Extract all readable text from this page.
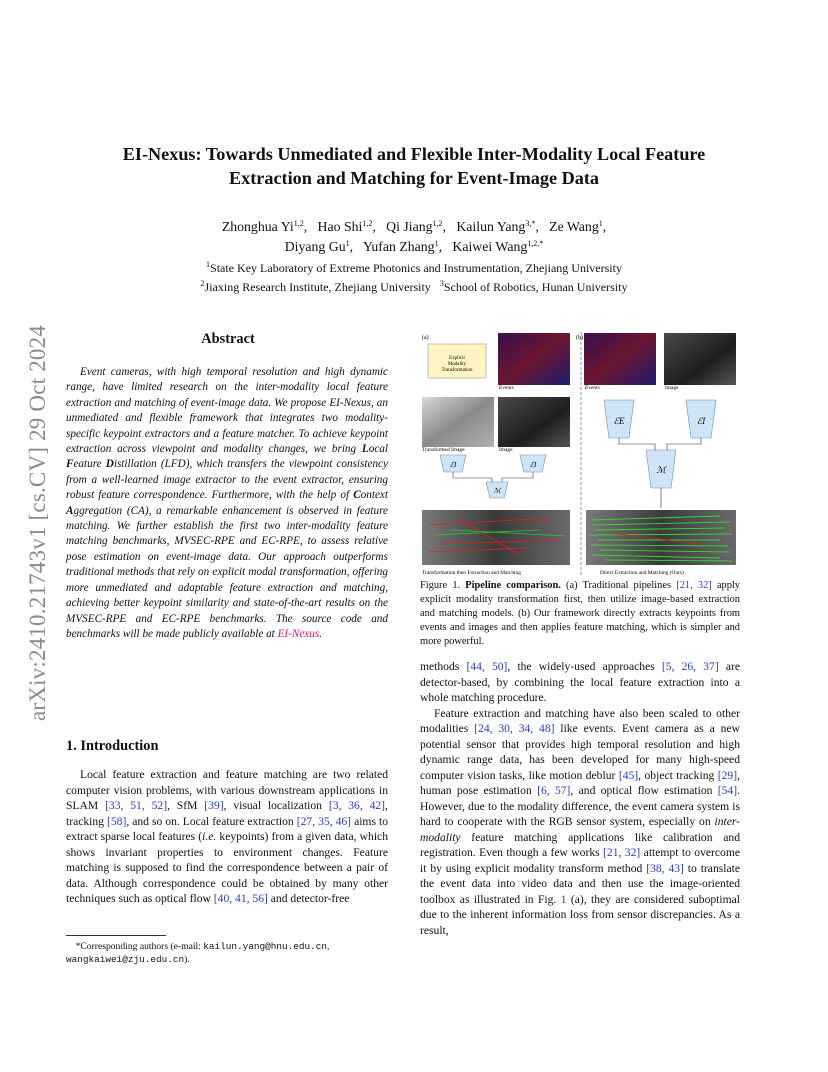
arXiv:2410.21743v1 [cs.CV] 29 Oct 2024
EI-Nexus: Towards Unmediated and Flexible Inter-Modality Local Feature
Extraction and Matching for Event-Image Data
Zhonghua Yi$^{1,2}$,   Hao Shi$^{1,2}$,   Qi Jiang$^{1,2}$,   Kailun Yang$^{3,*}$,   Ze Wang$^1$,
Diyang Gu$^1$,   Yufan Zhang$^1$,   Kaiwei Wang$^{1,2,*}$
$^1$State Key Laboratory of Extreme Photonics and Instrumentation, Zhejiang University
$^2$Jiaxing Research Institute, Zhejiang University $^3$School of Robotics, Hunan University
Abstract

Event cameras, with high temporal resolution and high dynamic range, have limited research on the inter-modality local feature extraction and matching of event-image data. We propose EI-Nexus, an unmediated and flexible framework that integrates two modality-specific keypoint extractors and a feature matcher. To achieve keypoint extraction across viewpoint and modality changes, we bring Local Feature Distillation (LFD), which transfers the viewpoint consistency from a well-learned image extractor to the event extractor, ensuring robust feature correspondence. Furthermore, with the help of Context Aggregation (CA), a remarkable enhancement is observed in feature matching. We further establish the first two inter-modality feature matching benchmarks, MVSEC-RPE and EC-RPE, to assess relative pose estimation on event-image data. Our approach outperforms traditional methods that rely on explicit modal transformation, offering more unmediated and adaptable feature extraction and matching, achieving better keypoint similarity and state-of-the-art results on the MVSEC-RPE and EC-RPE benchmarks. The source code and benchmarks will be made publicly available at EI-Nexus.

1. Introduction

Local feature extraction and feature matching are two related computer vision problems, with various downstream applications in SLAM [33, 51, 52], SfM [39], visual localization [3, 36, 42], tracking [58], and so on. Local feature extraction [27, 35, 46] aims to extract sparse local features (i.e. keypoints) from a given data, which shows invariant properties to environment changes. Feature matching is supposed to find the correspondence between a pair of data. Although correspondence could be obtained by many other techniques such as optical flow [40, 41, 56] and detector-free

*Corresponding authors (e-mail: kailun.yang@hnu.edu.cn, wangkaiwei@zju.edu.cn).
(a)	(b)
Explicit Modality Transformation
Events
Transformed Image	Image
ℰI	ℰI
ℳ
Transformation then Extraction and Matching
Events	Image
ℰE	ℰI
ℳ
Direct Extraction and Matching (Ours)
Figure 1. Pipeline comparison. (a) Traditional pipelines [21, 32] apply explicit modality transformation first, then utilize image-based extraction and matching models. (b) Our framework directly extracts keypoints from events and images and then applies feature matching, which is simpler and more powerful.

methods [44, 50], the widely-used approaches [5, 26, 37] are detector-based, by combining the local feature extraction into a whole matching procedure.

Feature extraction and matching have also been scaled to other modalities [24, 30, 34, 48] like events. Event camera as a new potential sensor that provides high temporal resolution and high dynamic range data, has been developed for many high-speed computer vision tasks, like motion deblur [45], object tracking [29], human pose estimation [6, 57], and optical flow estimation [54]. However, due to the modality difference, the event camera system is hard to cooperate with the RGB sensor system, especially on inter-modality feature matching applications like calibration and registration. Even though a few works [21, 32] attempt to overcome it by using explicit modality transform method [38, 43] to translate the event data into video data and then use the image-oriented toolbox as illustrated in Fig. 1 (a), they are considered suboptimal due to the inherent information loss from sensor discrepancies. As a result,
